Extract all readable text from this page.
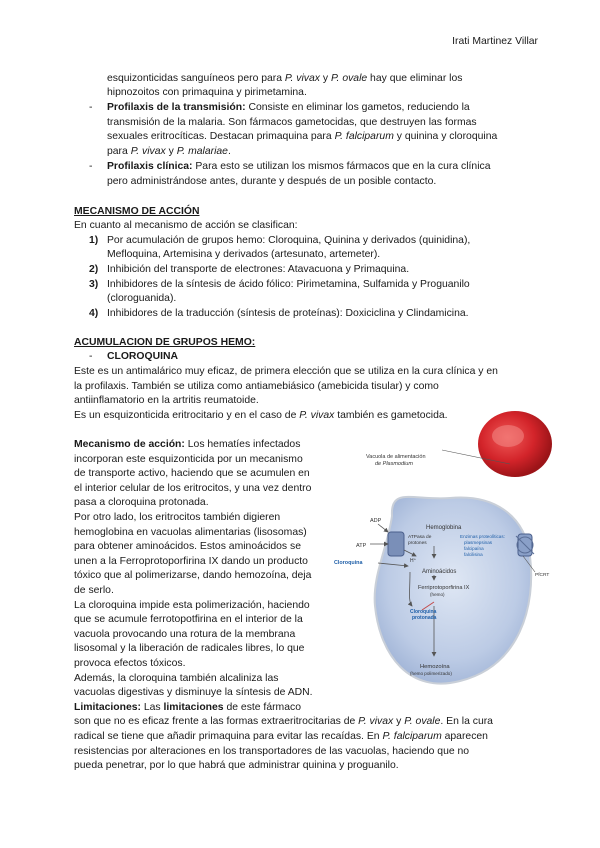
Irati Martinez Villar
esquizonticidas sanguíneos pero para P. vivax y P. ovale hay que eliminar los
hipnozoitos con primaquina y pirimetamina.
- Profilaxis de la transmisión: Consiste en eliminar los gametos, reduciendo la
transmisión de la malaria. Son fármacos gametocidas, que destruyen las formas
sexuales eritrocíticas. Destacan primaquina para P. falciparum y quinina y cloroquina
para P. vivax y P. malariae.
- Profilaxis clínica: Para esto se utilizan los mismos fármacos que en la cura clínica
pero administrándose antes, durante y después de un posible contacto.
MECANISMO DE ACCIÓN
En cuanto al mecanismo de acción se clasifican:
1) Por acumulación de grupos hemo: Cloroquina, Quinina y derivados (quinidina),
Mefloquina, Artemisina y derivados (artesunato, artemeter).
2) Inhibición del transporte de electrones: Atavacuona y Primaquina.
3) Inhibidores de la síntesis de ácido fólico: Pirimetamina, Sulfamida y Proguanilo
(cloroguanida).
4) Inhibidores de la traducción (síntesis de proteínas): Doxiciclina y Clindamicina.
ACUMULACION DE GRUPOS HEMO:
- CLOROQUINA
Este es un antimalárico muy eficaz, de primera elección que se utiliza en la cura clínica y en
la profilaxis. También se utiliza como antiamebiásico (amebicida tisular) y como
antiinflamatorio en la artritis reumatoide.
Es un esquizonticida eritrocitario y en el caso de P. vivax también es gametocida.
Mecanismo de acción: Los hematíes infectados
incorporan este esquizonticida por un mecanismo
de transporte activo, haciendo que se acumulen en
el interior celular de los eritrocitos, y una vez dentro
pasa a cloroquina protonada.
Por otro lado, los eritrocitos también digieren
hemoglobina en vacuolas alimentarias (lisosomas)
para obtener aminoácidos. Estos aminoácidos se
unen a la Ferroprotoporfirina IX dando un producto
tóxico que al polimerizarse, dando hemozoína, deja
de serlo.
La cloroquina impide esta polimerización, haciendo
que se acumule ferrotopotfirina en el interior de la
vacuola provocando una rotura de la membrana
lisosomal y la liberación de radicales libres, lo que
provoca efectos tóxicos.
Además, la cloroquina también alcaliniza las
vacuolas digestivas y disminuye la síntesis de ADN.
Limitaciones: Las limitaciones de este fármaco
son que no es eficaz frente a las formas extraeritrocitarias de P. vivax y P. ovale. En la cura
radical se tiene que añadir primaquina para evitar las recaídas. En P. falciparum aparecen
resistencias por alteraciones en los transportadores de las vacuolas, haciendo que no
pueda penetrar, por lo que habrá que administrar quinina y proguanilo.
Vacuola de alimentación
de Plasmodium
ADP
ATP
ATPasa de
protones
H⁺
Hemoglobina
Enzimas proteolíticas:
plasmepsinas
falcipaína
falcilisina
Aminoácidos
Ferriprotoporfirina IX
(hemo)
Cloroquina
Cloroquina
protonada
Hemozoína
(hemo polimerizado)
PfCRT
